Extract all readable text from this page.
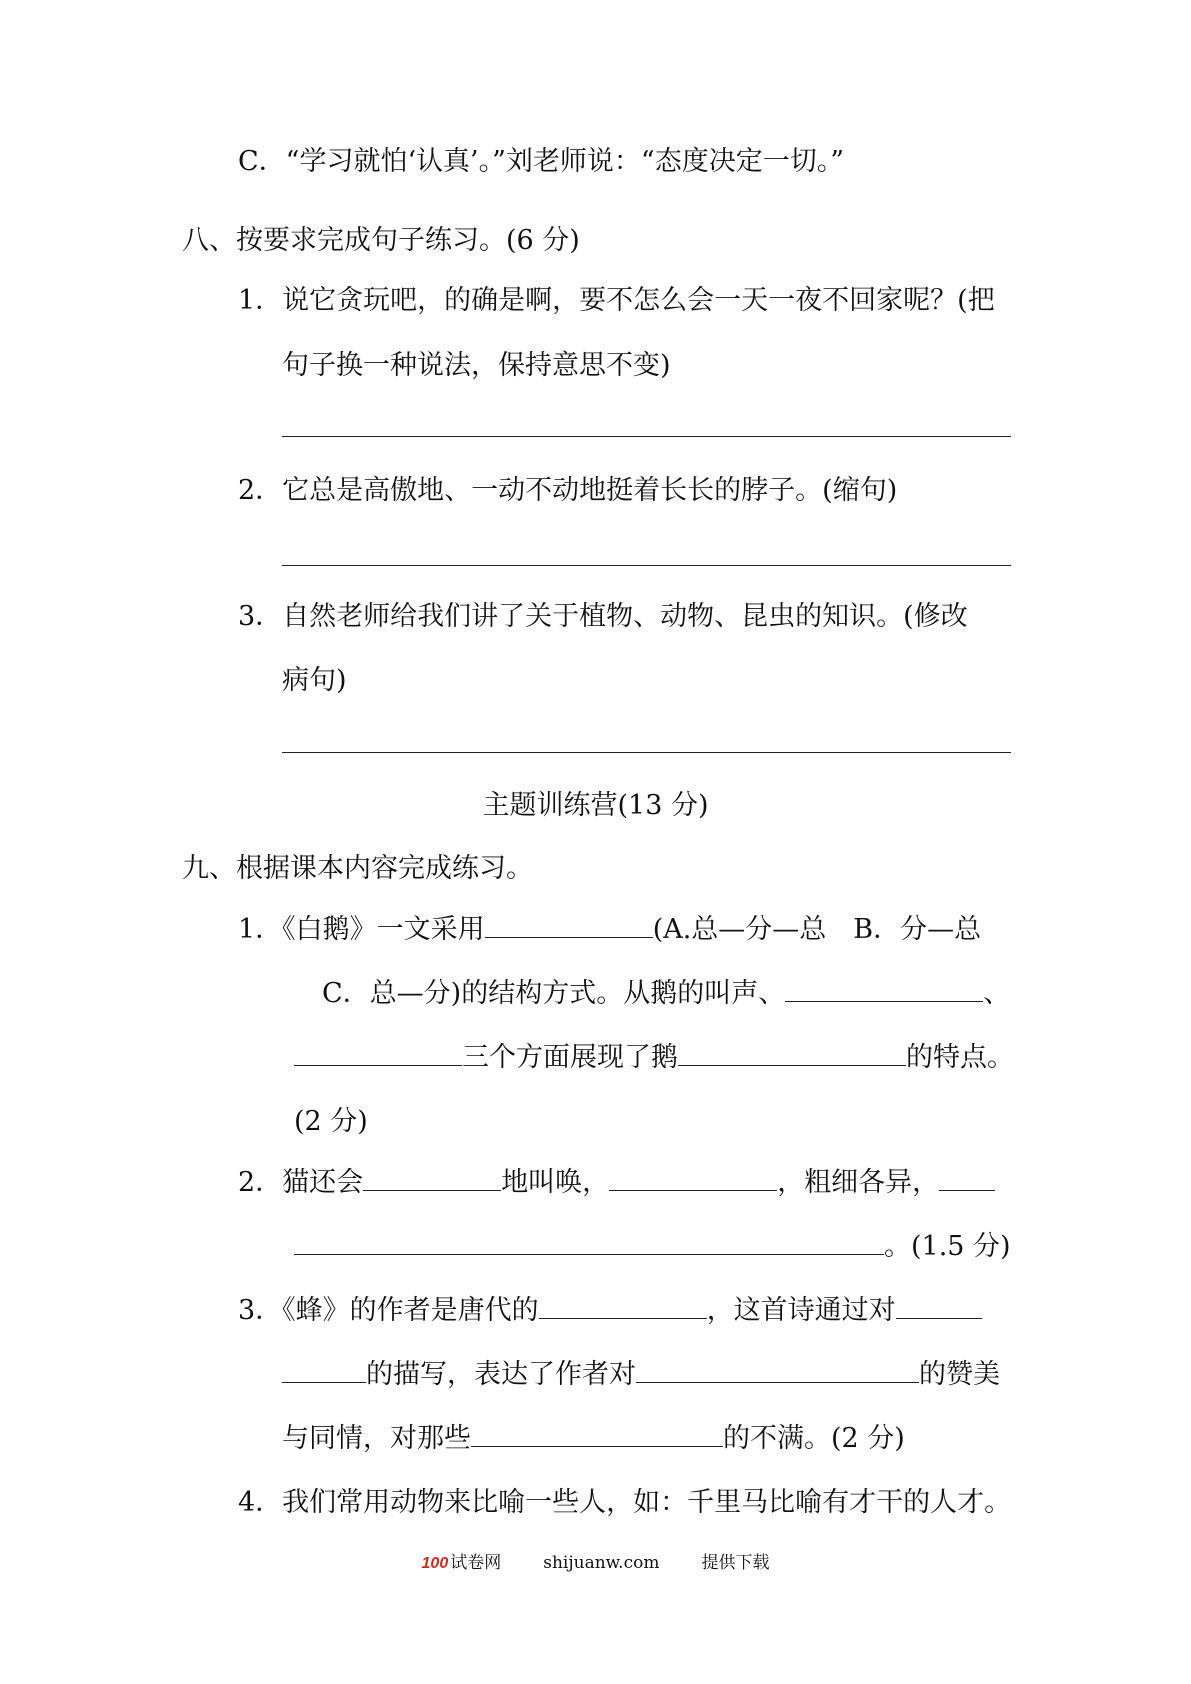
C．“学习就怕‘认真’。”刘老师说：“态度决定一切。”
八、按要求完成句子练习。(6 分)
1．说它贪玩吧，的确是啊，要不怎么会一天一夜不回家呢？(把
句子换一种说法，保持意思不变)
2．它总是高傲地、一动不动地挺着长长的脖子。(缩句)
3．自然老师给我们讲了关于植物、动物、昆虫的知识。(修改
病句)
主题训练营(13 分)
九、根据课本内容完成练习。
1．《白鹅》一文采用	(A.总—分—总　B．分—总
C．总—分)的结构方式。从鹅的叫声、	、
三个方面展现了鹅	的特点。
(2 分)
2．猫还会	地叫唤，	，粗细各异，
。(1.5 分)
3．《蜂》的作者是唐代的	，这首诗通过对
的描写，表达了作者对	的赞美
与同情，对那些	的不满。(2 分)
4．我们常用动物来比喻一些人，如：千里马比喻有才干的人才。
100 试卷网 shijuanw.com 提供下载
